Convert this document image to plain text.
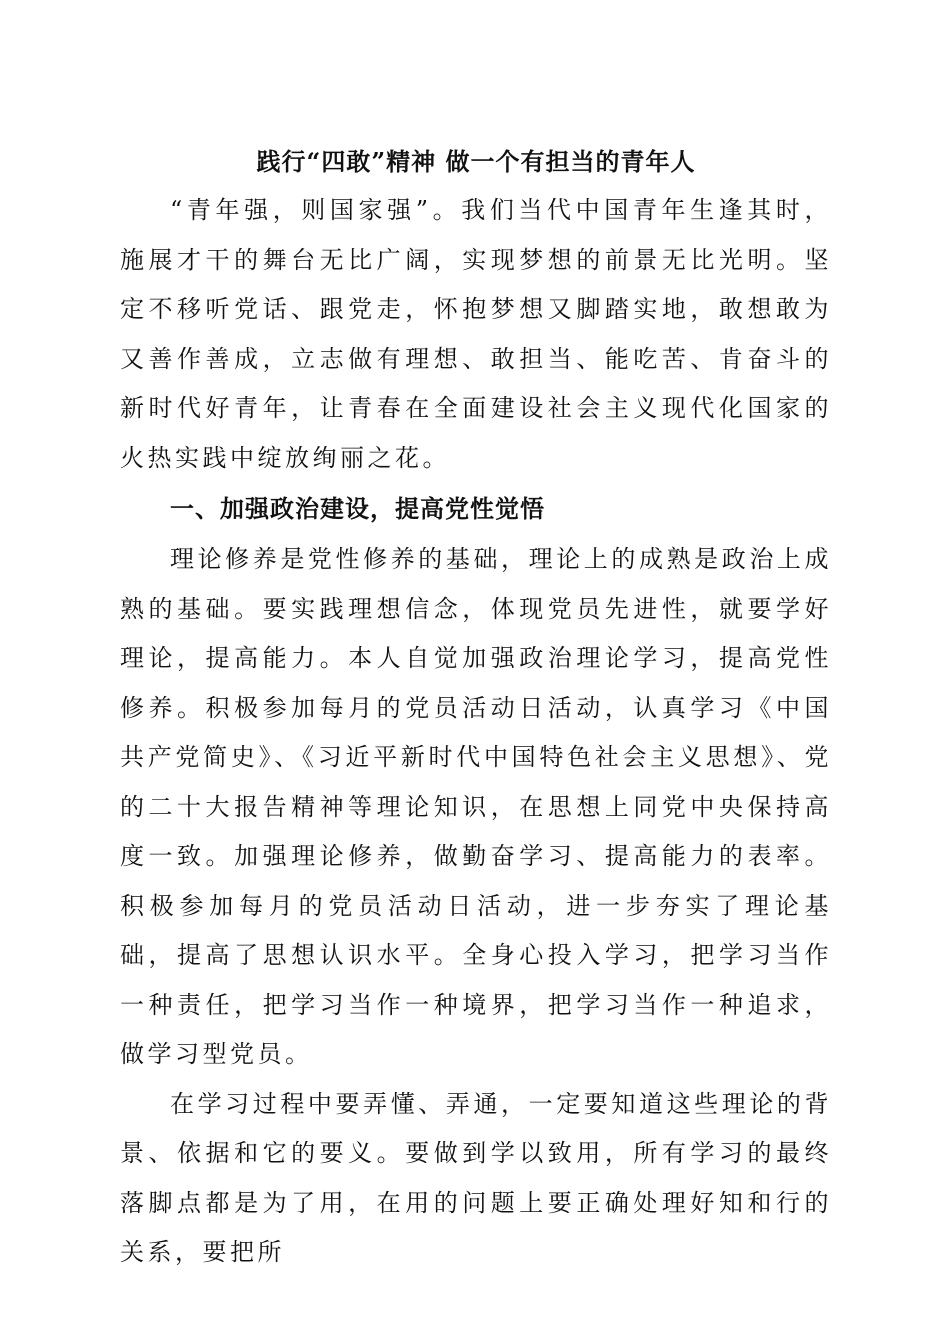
践行“四敢”精神 做一个有担当的青年人

“青年强，则国家强”。我们当代中国青年生逢其时，施展才干的舞台无比广阔，实现梦想的前景无比光明。坚定不移听党话、跟党走，怀抱梦想又脚踏实地，敢想敢为又善作善成，立志做有理想、敢担当、能吃苦、肯奋斗的新时代好青年，让青春在全面建设社会主义现代化国家的火热实践中绽放绚丽之花。

一、加强政治建设，提高党性觉悟

理论修养是党性修养的基础，理论上的成熟是政治上成熟的基础。要实践理想信念，体现党员先进性，就要学好理论，提高能力。本人自觉加强政治理论学习，提高党性修养。积极参加每月的党员活动日活动，认真学习《中国共产党简史》、《习近平新时代中国特色社会主义思想》、党的二十大报告精神等理论知识，在思想上同党中央保持高度一致。加强理论修养，做勤奋学习、提高能力的表率。积极参加每月的党员活动日活动，进一步夯实了理论基础，提高了思想认识水平。全身心投入学习，把学习当作一种责任，把学习当作一种境界，把学习当作一种追求，做学习型党员。

在学习过程中要弄懂、弄通，一定要知道这些理论的背景、依据和它的要义。要做到学以致用，所有学习的最终落脚点都是为了用，在用的问题上要正确处理好知和行的关系，要把所
